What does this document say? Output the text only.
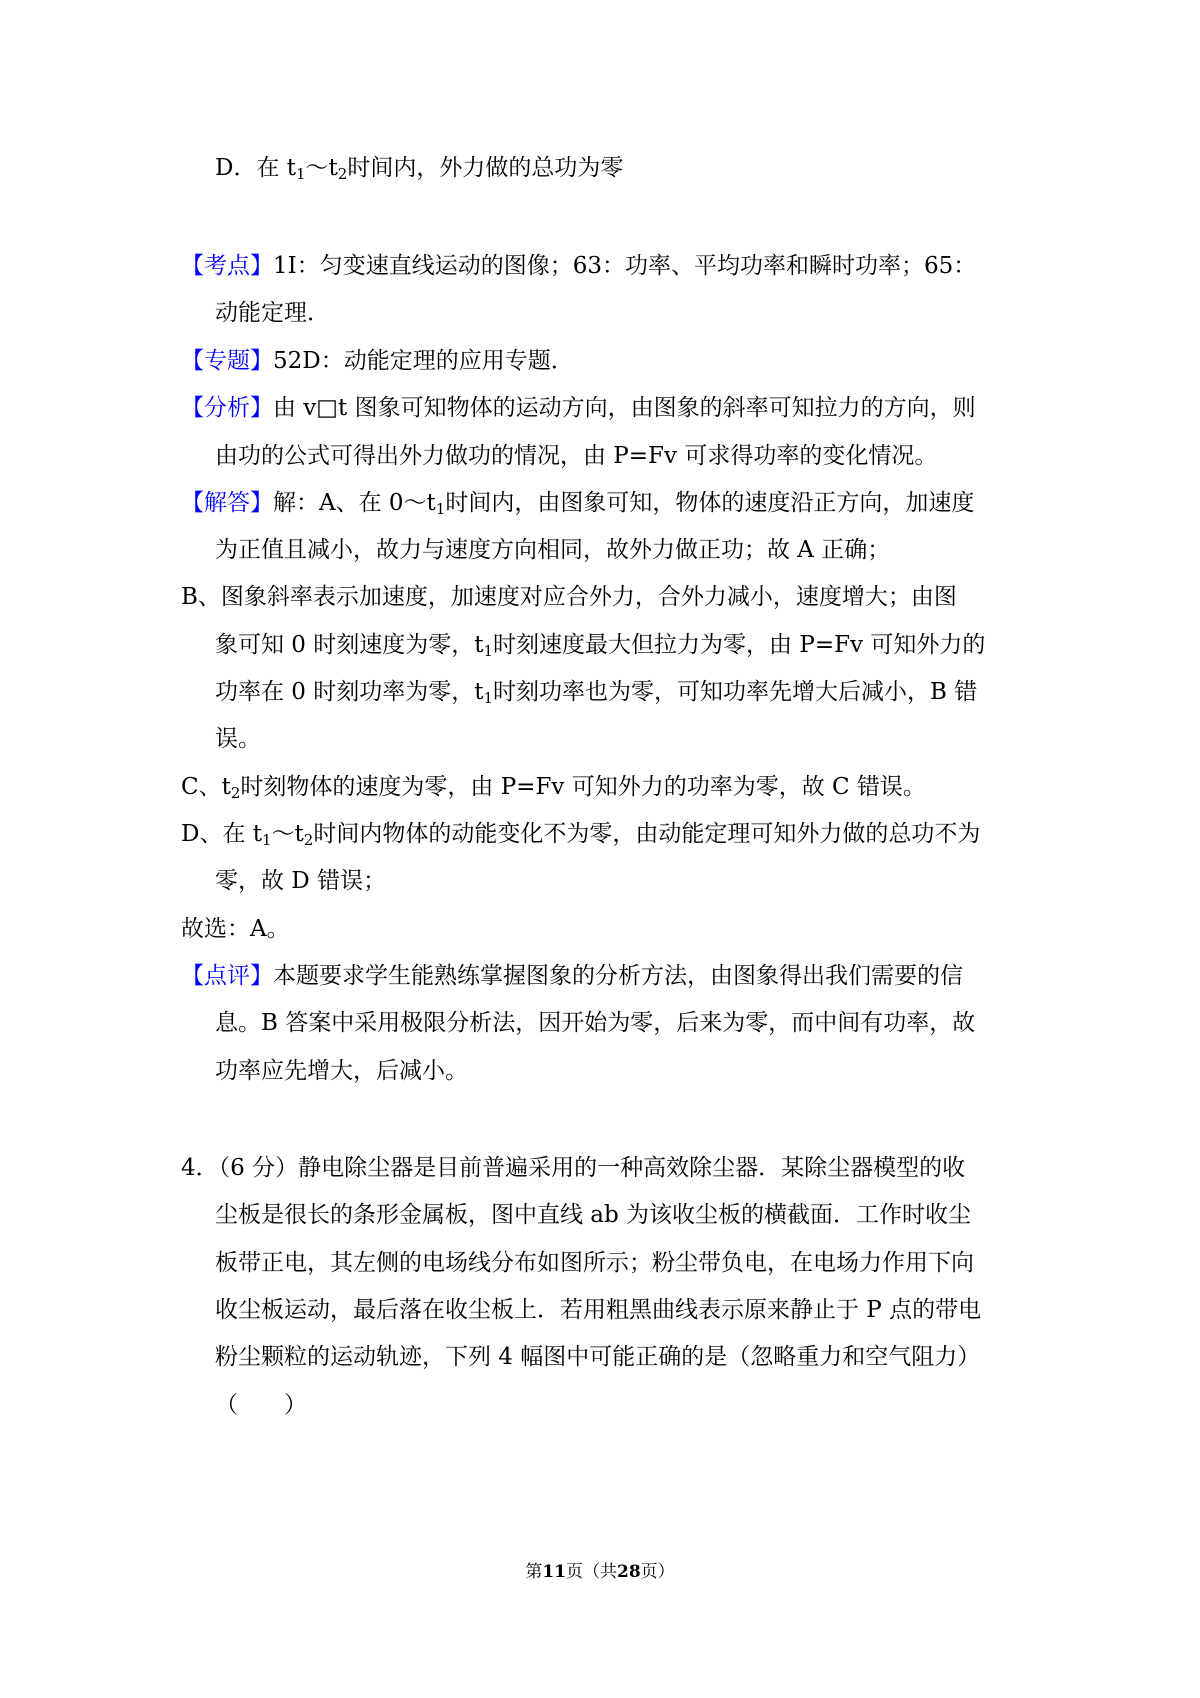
D．在 $t_1\sim t_2$时间内，外力做的总功为零
【考点】1I：匀变速直线运动的图像；63：功率、平均功率和瞬时功率；65：
动能定理．
【专题】52D：动能定理的应用专题．
【分析】由 v□t 图象可知物体的运动方向，由图象的斜率可知拉力的方向，则
由功的公式可得出外力做功的情况，由 P=Fv 可求得功率的变化情况。
【解答】解：A、在 $0\sim t_1$时间内，由图象可知，物体的速度沿正方向，加速度
为正值且减小，故力与速度方向相同，故外力做正功；故 A 正确；
B、图象斜率表示加速度，加速度对应合外力，合外力减小，速度增大；由图
象可知 0 时刻速度为零，$t_1$时刻速度最大但拉力为零，由 P=Fv 可知外力的
功率在 0 时刻功率为零，$t_1$时刻功率也为零，可知功率先增大后减小，B 错
误。
C、$t_2$时刻物体的速度为零，由 P=Fv 可知外力的功率为零，故 C 错误。
D、在 $t_1\sim t_2$时间内物体的动能变化不为零，由动能定理可知外力做的总功不为
零，故 D 错误；
故选：A。
【点评】本题要求学生能熟练掌握图象的分析方法，由图象得出我们需要的信
息。B 答案中采用极限分析法，因开始为零，后来为零，而中间有功率，故
功率应先增大，后减小。
4．（6 分）静电除尘器是目前普遍采用的一种高效除尘器．某除尘器模型的收
尘板是很长的条形金属板，图中直线 ab 为该收尘板的横截面．工作时收尘
板带正电，其左侧的电场线分布如图所示；粉尘带负电，在电场力作用下向
收尘板运动，最后落在收尘板上．若用粗黑曲线表示原来静止于 P 点的带电
粉尘颗粒的运动轨迹，下列 4 幅图中可能正确的是（忽略重力和空气阻力）
（　　）
第11页（共28页）
